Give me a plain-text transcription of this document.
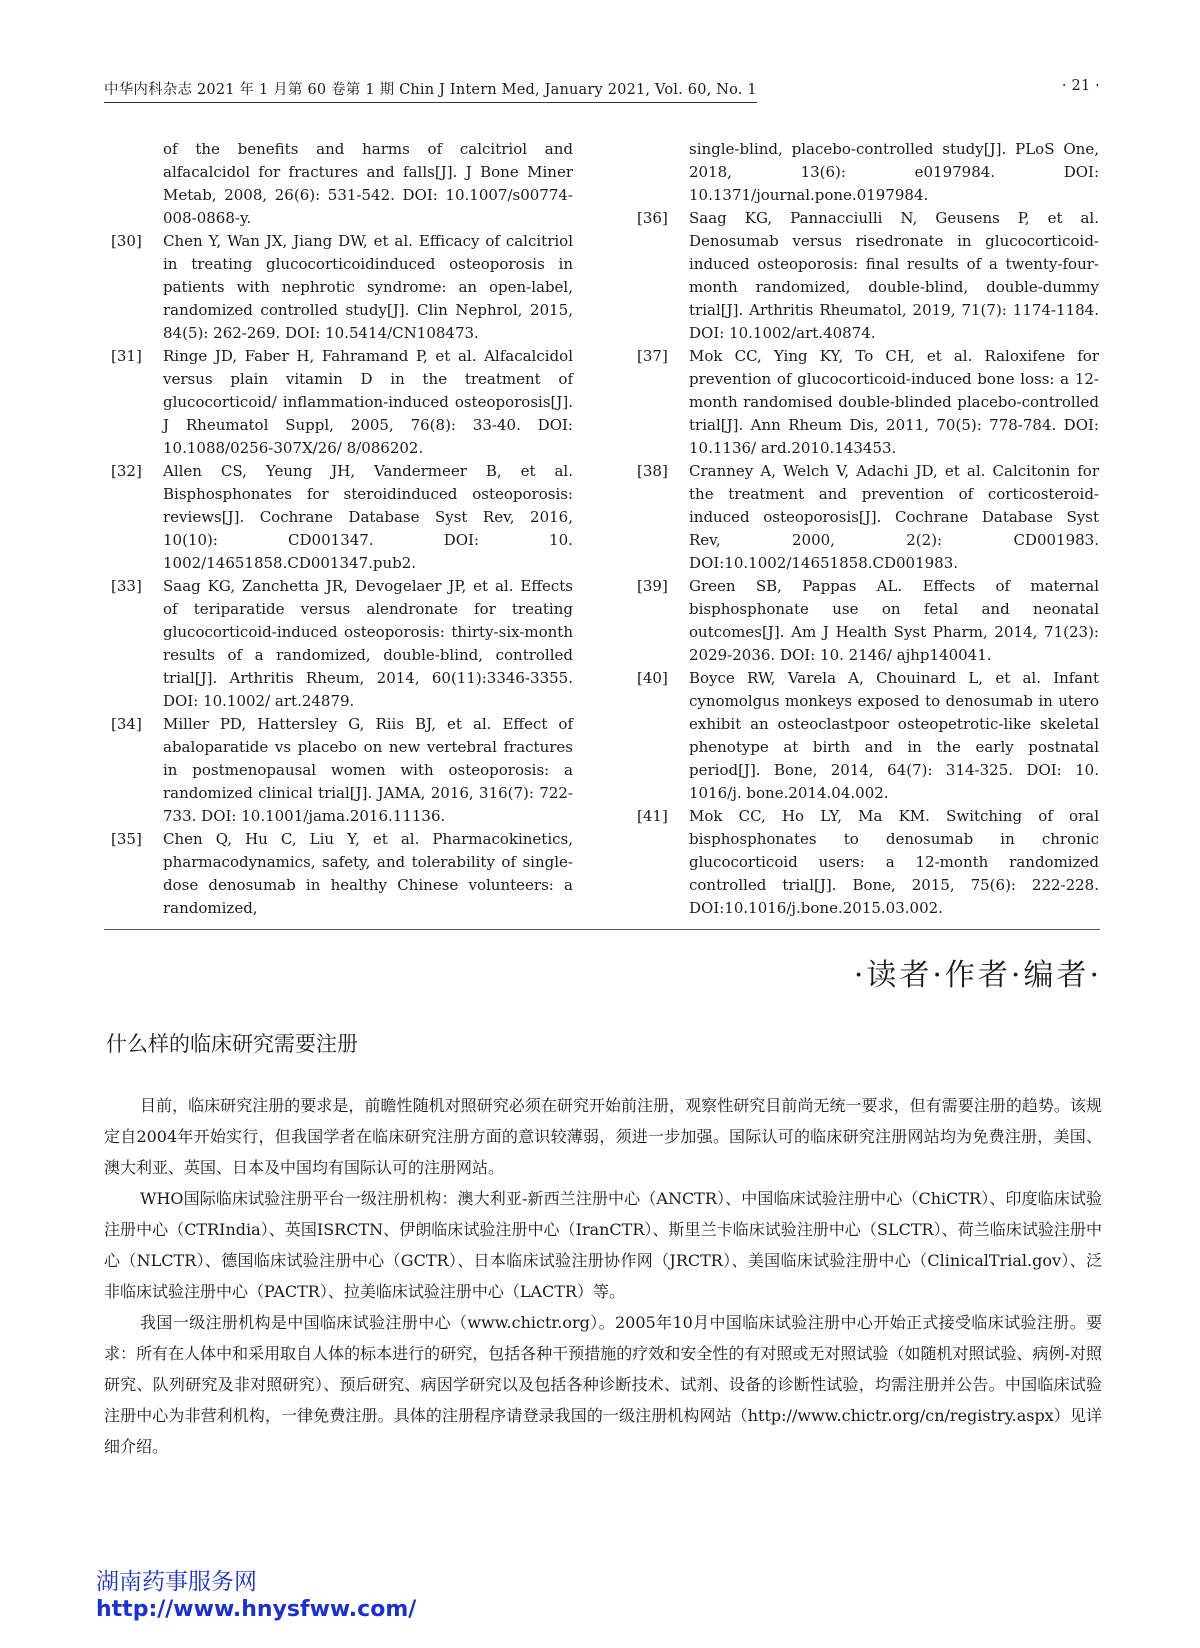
中华内科杂志 2021 年 1 月第 60 卷第 1 期 Chin J Intern Med, January 2021, Vol. 60, No. 1	· 21 ·
of the benefits and harms of calcitriol and alfacalcidol for fractures and falls[J]. J Bone Miner Metab, 2008, 26(6): 531-542. DOI: 10.1007/s00774-008-0868-y.
[30]	Chen Y, Wan JX, Jiang DW, et al. Efficacy of calcitriol in treating glucocorticoidinduced osteoporosis in patients with nephrotic syndrome: an open-label, randomized controlled study[J]. Clin Nephrol, 2015, 84(5): 262-269. DOI: 10.5414/CN108473.
[31]	Ringe JD, Faber H, Fahramand P, et al. Alfacalcidol versus plain vitamin D in the treatment of glucocorticoid/ inflammation-induced osteoporosis[J]. J Rheumatol Suppl, 2005, 76(8): 33-40. DOI: 10.1088/0256-307X/26/ 8/086202.
[32]	Allen CS, Yeung JH, Vandermeer B, et al. Bisphosphonates for steroidinduced osteoporosis: reviews[J]. Cochrane Database Syst Rev, 2016, 10(10): CD001347. DOI: 10. 1002/14651858.CD001347.pub2.
[33]	Saag KG, Zanchetta JR, Devogelaer JP, et al. Effects of teriparatide versus alendronate for treating glucocorticoid-induced osteoporosis: thirty-six-month results of a randomized, double-blind, controlled trial[J]. Arthritis Rheum, 2014, 60(11):3346-3355. DOI: 10.1002/ art.24879.
[34]	Miller PD, Hattersley G, Riis BJ, et al. Effect of abaloparatide vs placebo on new vertebral fractures in postmenopausal women with osteoporosis: a randomized clinical trial[J]. JAMA, 2016, 316(7): 722-733. DOI: 10.1001/jama.2016.11136.
[35]	Chen Q, Hu C, Liu Y, et al. Pharmacokinetics, pharmacodynamics, safety, and tolerability of single-dose denosumab in healthy Chinese volunteers: a randomized,
single-blind, placebo-controlled study[J]. PLoS One, 2018, 13(6): e0197984. DOI: 10.1371/journal.pone.0197984.
[36]	Saag KG, Pannacciulli N, Geusens P, et al. Denosumab versus risedronate in glucocorticoid-induced osteoporosis: final results of a twenty-four-month randomized, double-blind, double-dummy trial[J]. Arthritis Rheumatol, 2019, 71(7): 1174-1184. DOI: 10.1002/art.40874.
[37]	Mok CC, Ying KY, To CH, et al. Raloxifene for prevention of glucocorticoid-induced bone loss: a 12-month randomised double-blinded placebo-controlled trial[J]. Ann Rheum Dis, 2011, 70(5): 778-784. DOI: 10.1136/ ard.2010.143453.
[38]	Cranney A, Welch V, Adachi JD, et al. Calcitonin for the treatment and prevention of corticosteroid-induced osteoporosis[J]. Cochrane Database Syst Rev, 2000, 2(2): CD001983. DOI:10.1002/14651858.CD001983.
[39]	Green SB, Pappas AL. Effects of maternal bisphosphonate use on fetal and neonatal outcomes[J]. Am J Health Syst Pharm, 2014, 71(23): 2029-2036. DOI: 10. 2146/ ajhp140041.
[40]	Boyce RW, Varela A, Chouinard L, et al. Infant cynomolgus monkeys exposed to denosumab in utero exhibit an osteoclastpoor osteopetrotic-like skeletal phenotype at birth and in the early postnatal period[J]. Bone, 2014, 64(7): 314-325. DOI: 10. 1016/j. bone.2014.04.002.
[41]	Mok CC, Ho LY, Ma KM. Switching of oral bisphosphonates to denosumab in chronic glucocorticoid users: a 12-month randomized controlled trial[J]. Bone, 2015, 75(6): 222-228. DOI:10.1016/j.bone.2015.03.002.
·读者·作者·编者·
什么样的临床研究需要注册

目前，临床研究注册的要求是，前瞻性随机对照研究必须在研究开始前注册，观察性研究目前尚无统一要求，但有需要注册的趋势。该规定自2004年开始实行，但我国学者在临床研究注册方面的意识较薄弱，须进一步加强。国际认可的临床研究注册网站均为免费注册，美国、澳大利亚、英国、日本及中国均有国际认可的注册网站。

WHO国际临床试验注册平台一级注册机构：澳大利亚-新西兰注册中心（ANCTR）、中国临床试验注册中心（ChiCTR）、印度临床试验注册中心（CTRIndia）、英国ISRCTN、伊朗临床试验注册中心（IranCTR）、斯里兰卡临床试验注册中心（SLCTR）、荷兰临床试验注册中心（NLCTR）、德国临床试验注册中心（GCTR）、日本临床试验注册协作网（JRCTR）、美国临床试验注册中心（ClinicalTrial.gov）、泛非临床试验注册中心（PACTR）、拉美临床试验注册中心（LACTR）等。

我国一级注册机构是中国临床试验注册中心（www.chictr.org）。2005年10月中国临床试验注册中心开始正式接受临床试验注册。要求：所有在人体中和采用取自人体的标本进行的研究，包括各种干预措施的疗效和安全性的有对照或无对照试验（如随机对照试验、病例-对照研究、队列研究及非对照研究）、预后研究、病因学研究以及包括各种诊断技术、试剂、设备的诊断性试验，均需注册并公告。中国临床试验注册中心为非营利机构，一律免费注册。具体的注册程序请登录我国的一级注册机构网站（http://www.chictr.org/cn/registry.aspx）见详细介绍。

湖南药事服务网
http://www.hnysfww.com/
